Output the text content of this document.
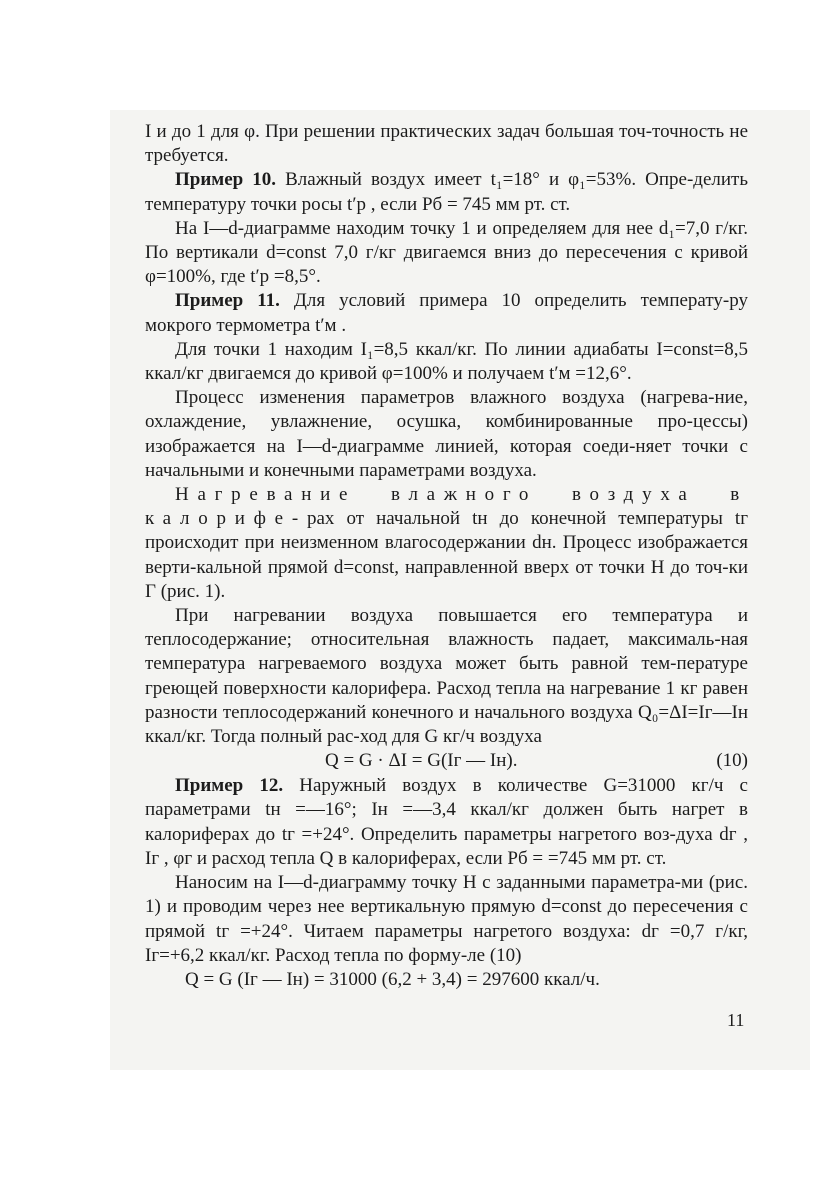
I и до 1 для φ. При решении практических задач большая точ-точность не требуется.

Пример 10. Влажный воздух имеет t₁=18° и φ₁=53%. Опре-делить температуру точки росы t′р , если Pб = 745 мм рт. ст.

На I—d-диаграмме находим точку 1 и определяем для нее d₁=7,0 г/кг. По вертикали d=const 7,0 г/кг двигаемся вниз до пересечения с кривой φ=100%, где t′р =8,5°.

Пример 11. Для условий примера 10 определить температу-ру мокрого термометра t′м .

Для точки 1 находим I₁=8,5 ккал/кг. По линии адиабаты I=const=8,5 ккал/кг двигаемся до кривой φ=100% и получаем t′м =12,6°.

Процесс изменения параметров влажного воздуха (нагрева-ние, охлаждение, увлажнение, осушка, комбинированные про-цессы) изображается на I—d-диаграмме линией, которая соеди-няет точки с начальными и конечными параметрами воздуха.

Нагревание влажного воздуха в калорифе-рах от начальной tн до конечной температуры tг происходит при неизменном влагосодержании dн. Процесс изображается верти-кальной прямой d=const, направленной вверх от точки H до точ-ки Г (рис. 1).

При нагревании воздуха повышается его температура и теплосодержание; относительная влажность падает, максималь-ная температура нагреваемого воздуха может быть равной тем-пературе греющей поверхности калорифера. Расход тепла на нагревание 1 кг равен разности теплосодержаний конечного и начального воздуха Q₀=ΔI=Iг—Iн ккал/кг. Тогда полный рас-ход для G кг/ч воздуха

Q = G · ΔI = G(Iг — Iн).	(10)

Пример 12. Наружный воздух в количестве G=31000 кг/ч с параметрами tн =—16°; Iн =—3,4 ккал/кг должен быть нагрет в калориферах до tг =+24°. Определить параметры нагретого воз-духа dг , Iг , φг и расход тепла Q в калориферах, если Pб = =745 мм рт. ст.

Наносим на I—d-диаграмму точку H с заданными параметра-ми (рис. 1) и проводим через нее вертикальную прямую d=const до пересечения с прямой tг =+24°. Читаем параметры нагретого воздуха: dг =0,7 г/кг, Iг=+6,2 ккал/кг. Расход тепла по форму-ле (10)

Q = G (Iг — Iн) = 31000 (6,2 + 3,4) = 297600 ккал/ч.
11
